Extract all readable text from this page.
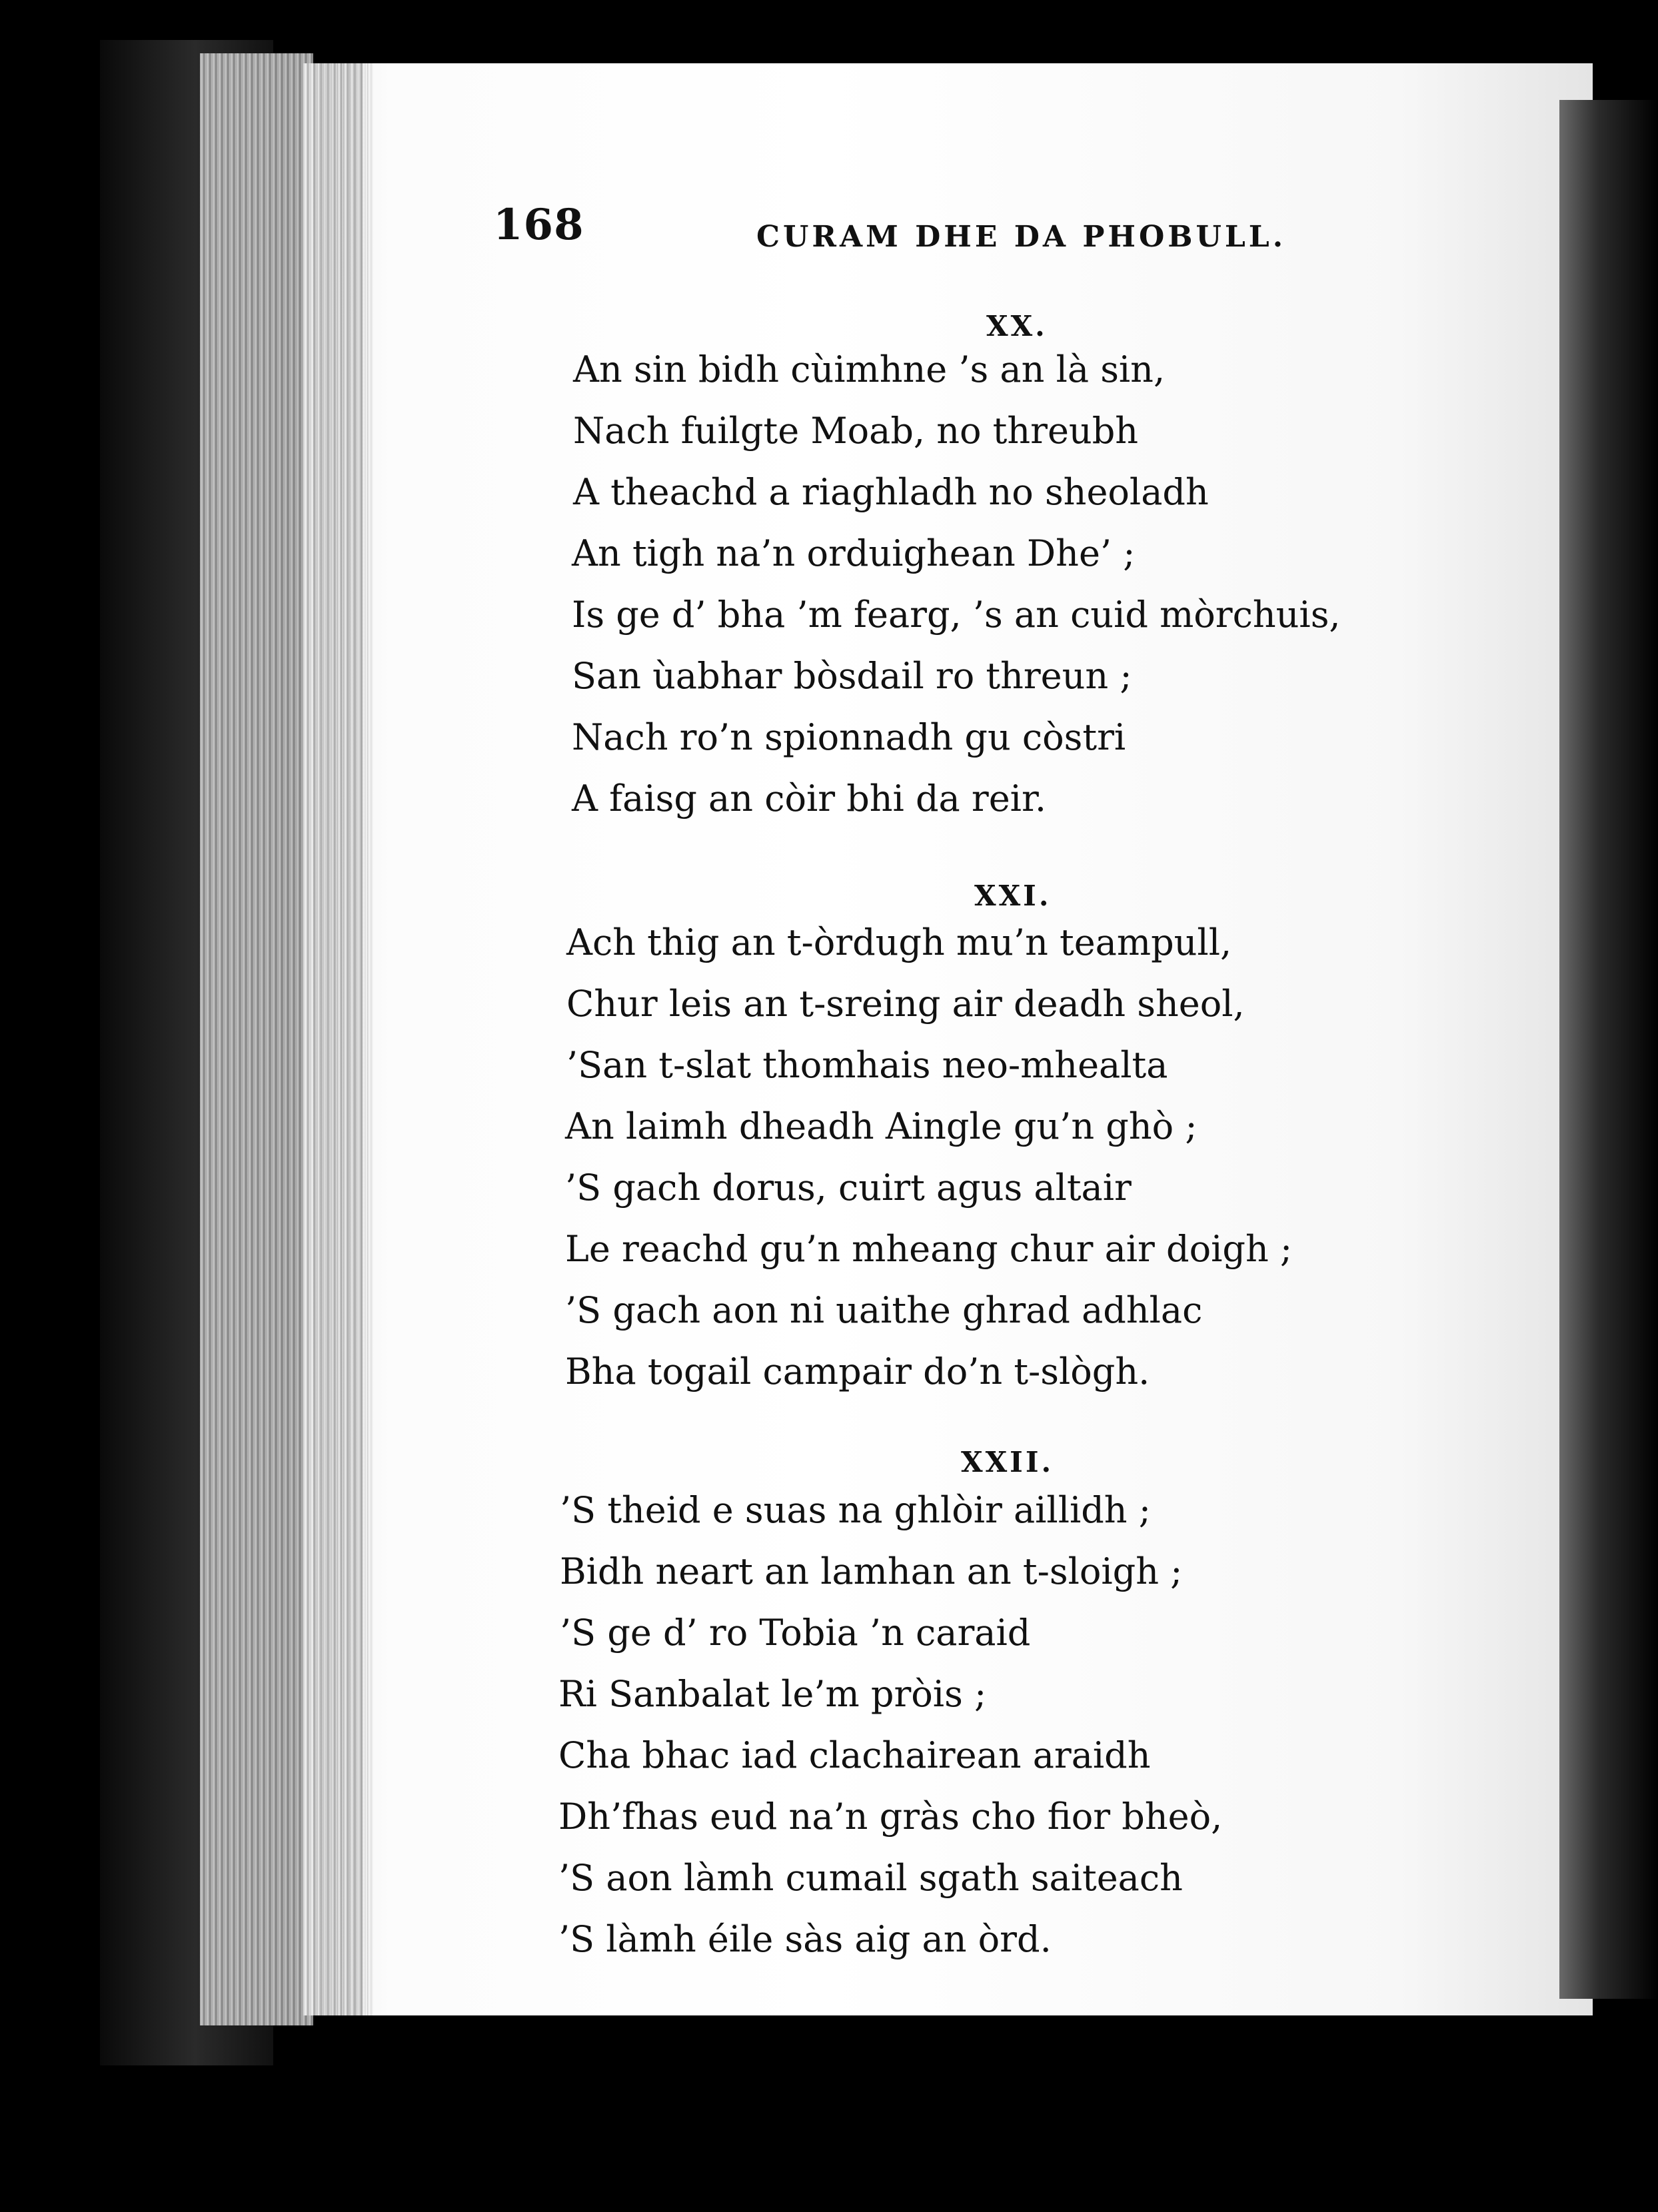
168	CURAM DHE DA PHOBULL.
XX.
An sin bidh cùimhne ’s an là sin,
Nach fuilgte Moab, no threubh
A theachd a riaghladh no sheoladh
An tigh na’n orduighean Dhe’ ;
Is ge d’ bha ’m fearg, ’s an cuid mòrchuis,
San ùabhar bòsdail ro threun ;
Nach ro’n spionnadh gu còstri
A faisg an còir bhi da reir.
XXI.
Ach thig an t-òrdugh mu’n teampull,
Chur leis an t-sreing air deadh sheol,
’San t-slat thomhais neo-mhealta
An laimh dheadh Aingle gu’n ghò ;
’S gach dorus, cuirt agus altair
Le reachd gu’n mheang chur air doigh ;
’S gach aon ni uaithe ghrad adhlac
Bha togail campair do’n t-slògh.
XXII.
’S theid e suas na ghlòir aillidh ;
Bidh neart an lamhan an t-sloigh ;
’S ge d’ ro Tobia ’n caraid
Ri Sanbalat le’m pròis ;
Cha bhac iad clachairean araidh
Dh’fhas eud na’n gràs cho fior bheò,
’S aon làmh cumail sgath saiteach
’S làmh éile sàs aig an òrd.
